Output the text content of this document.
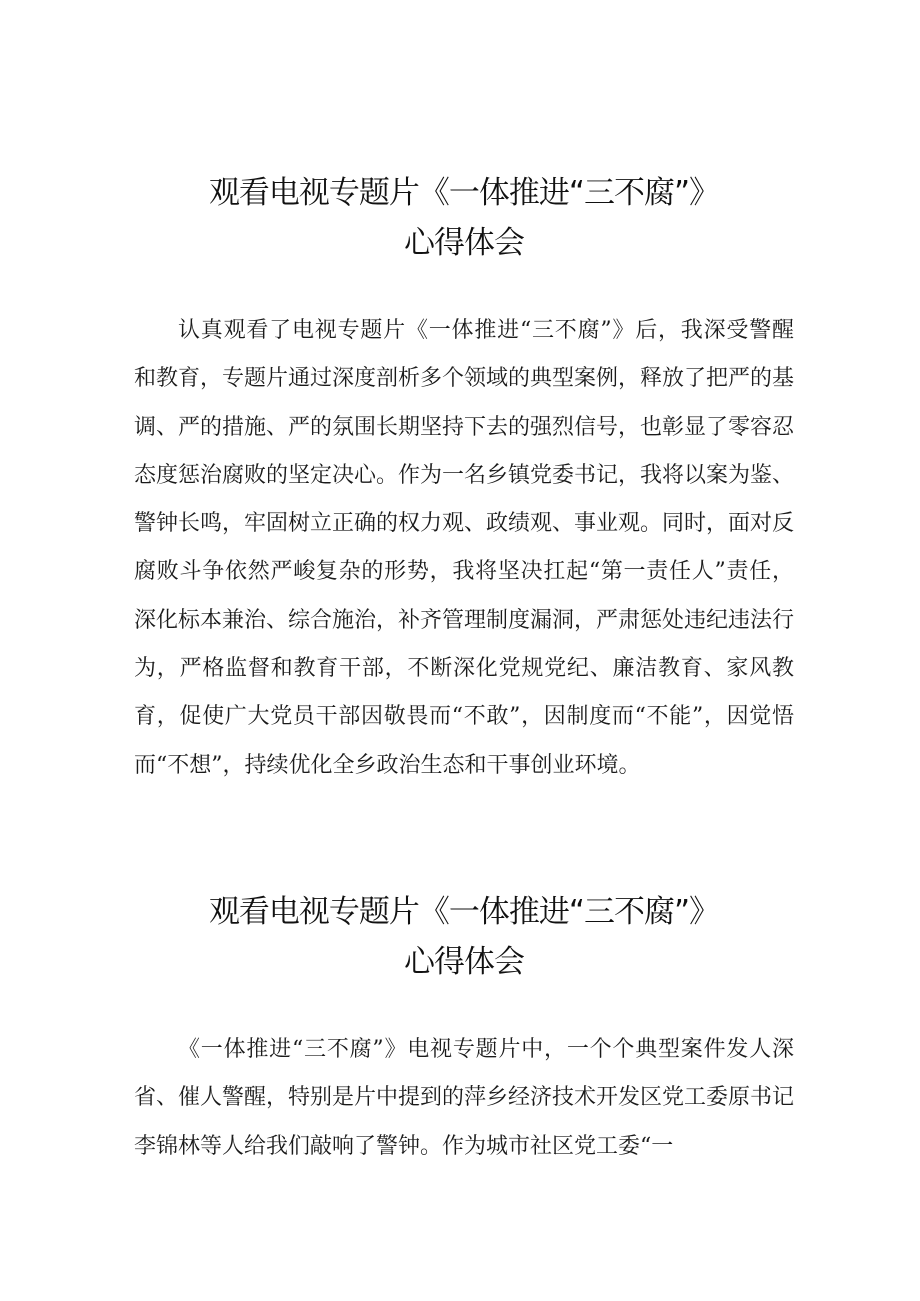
观看电视专题片《一体推进“三不腐”》
心得体会

认真观看了电视专题片《一体推进“三不腐”》后，我深受警醒和教育，专题片通过深度剖析多个领域的典型案例，释放了把严的基调、严的措施、严的氛围长期坚持下去的强烈信号，也彰显了零容忍态度惩治腐败的坚定决心。作为一名乡镇党委书记，我将以案为鉴、警钟长鸣，牢固树立正确的权力观、政绩观、事业观。同时，面对反腐败斗争依然严峻复杂的形势，我将坚决扛起“第一责任人”责任，深化标本兼治、综合施治，补齐管理制度漏洞，严肃惩处违纪违法行为，严格监督和教育干部，不断深化党规党纪、廉洁教育、家风教育，促使广大党员干部因敬畏而“不敢”，因制度而“不能”，因觉悟而“不想”，持续优化全乡政治生态和干事创业环境。

观看电视专题片《一体推进“三不腐”》
心得体会

《一体推进“三不腐”》电视专题片中，一个个典型案件发人深省、催人警醒，特别是片中提到的萍乡经济技术开发区党工委原书记李锦林等人给我们敲响了警钟。作为城市社区党工委“一
